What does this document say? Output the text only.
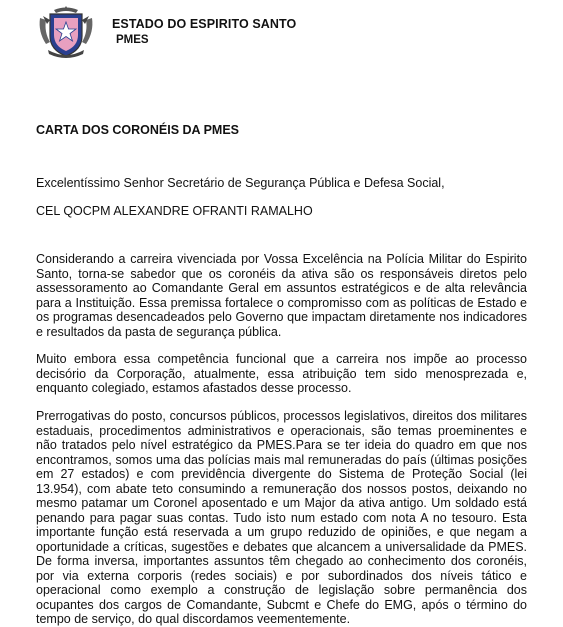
ESTADO DO ESPIRITO SANTO
PMES
CARTA DOS CORONÉIS DA PMES

Excelentíssimo Senhor Secretário de Segurança Pública e Defesa Social,

CEL QOCPM ALEXANDRE OFRANTI RAMALHO

Considerando a carreira vivenciada por Vossa Excelência na Polícia Militar do Espirito Santo, torna-se sabedor que os coronéis da ativa são os responsáveis diretos pelo assessoramento ao Comandante Geral em assuntos estratégicos e de alta relevância para a Instituição. Essa premissa fortalece o compromisso com as políticas de Estado e os programas desencadeados pelo Governo que impactam diretamente nos indicadores e resultados da pasta de segurança pública.

Muito embora essa competência funcional que a carreira nos impõe ao processo decisório da Corporação, atualmente, essa atribuição tem sido menosprezada e, enquanto colegiado, estamos afastados desse processo.

Prerrogativas do posto, concursos públicos, processos legislativos, direitos dos militares estaduais, procedimentos administrativos e operacionais, são temas proeminentes e não tratados pelo nível estratégico da PMES.Para se ter ideia do quadro em que nos encontramos, somos uma das polícias mais mal remuneradas do país (últimas posições em 27 estados) e com previdência divergente do Sistema de Proteção Social (lei 13.954), com abate teto consumindo a remuneração dos nossos postos, deixando no mesmo patamar um Coronel aposentado e um Major da ativa antigo. Um soldado está penando para pagar suas contas. Tudo isto num estado com nota A no tesouro. Esta importante função está reservada a um grupo reduzido de opiniões, e que negam a oportunidade a críticas, sugestões e debates que alcancem a universalidade da PMES. De forma inversa, importantes assuntos têm chegado ao conhecimento dos coronéis, por via externa corporis (redes sociais) e por subordinados dos níveis tático e operacional como exemplo a construção de legislação sobre permanência dos ocupantes dos cargos de Comandante, Subcmt e Chefe do EMG, após o término do tempo de serviço, do qual discordamos veementemente.
